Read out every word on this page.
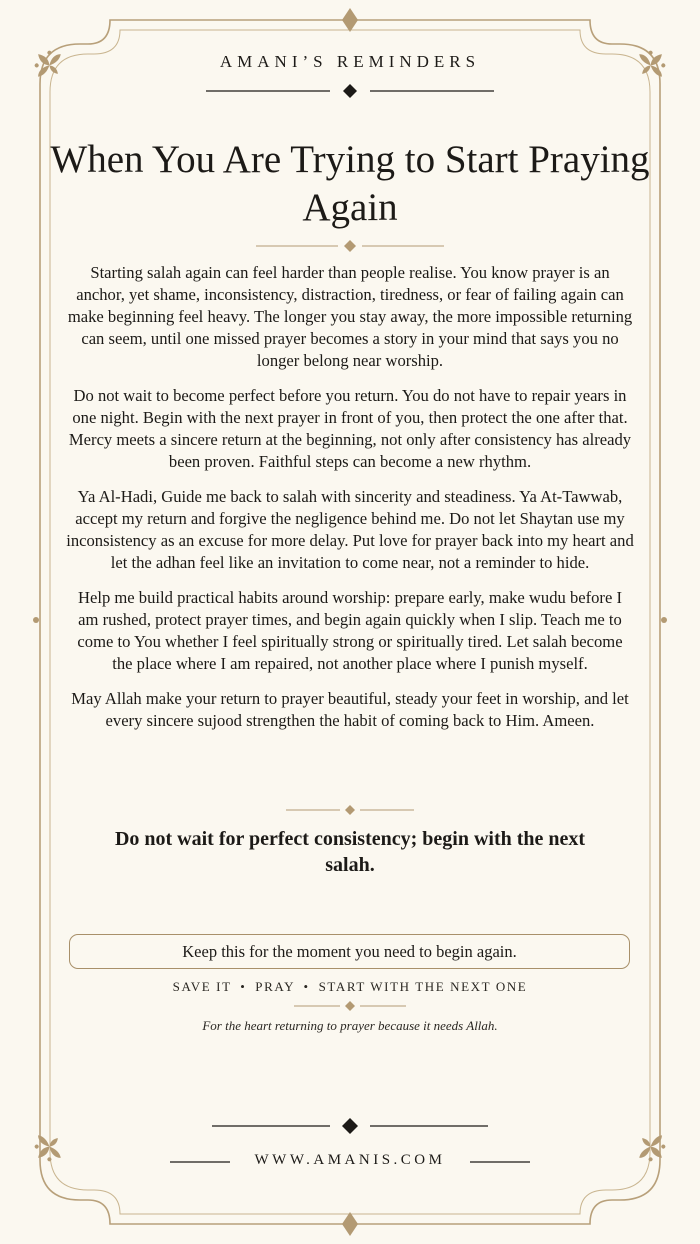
AMANI’S REMINDERS
When You Are Trying to Start Praying Again

Starting salah again can feel harder than people realise. You know prayer is an anchor, yet shame, inconsistency, distraction, tiredness, or fear of failing again can make beginning feel heavy. The longer you stay away, the more impossible returning can seem, until one missed prayer becomes a story in your mind that says you no longer belong near worship.

Do not wait to become perfect before you return. You do not have to repair years in one night. Begin with the next prayer in front of you, then protect the one after that. Mercy meets a sincere return at the beginning, not only after consistency has already been proven. Faithful steps can become a new rhythm.

Ya Al-Hadi, Guide me back to salah with sincerity and steadiness. Ya At-Tawwab, accept my return and forgive the negligence behind me. Do not let Shaytan use my inconsistency as an excuse for more delay. Put love for prayer back into my heart and let the adhan feel like an invitation to come near, not a reminder to hide.

Help me build practical habits around worship: prepare early, make wudu before I am rushed, protect prayer times, and begin again quickly when I slip. Teach me to come to You whether I feel spiritually strong or spiritually tired. Let salah become the place where I am repaired, not another place where I punish myself.

May Allah make your return to prayer beautiful, steady your feet in worship, and let every sincere sujood strengthen the habit of coming back to Him. Ameen.

Do not wait for perfect consistency; begin with the next salah.
Keep this for the moment you need to begin again.
SAVE IT • PRAY • START WITH THE NEXT ONE
For the heart returning to prayer because it needs Allah.
WWW.AMANIS.COM
